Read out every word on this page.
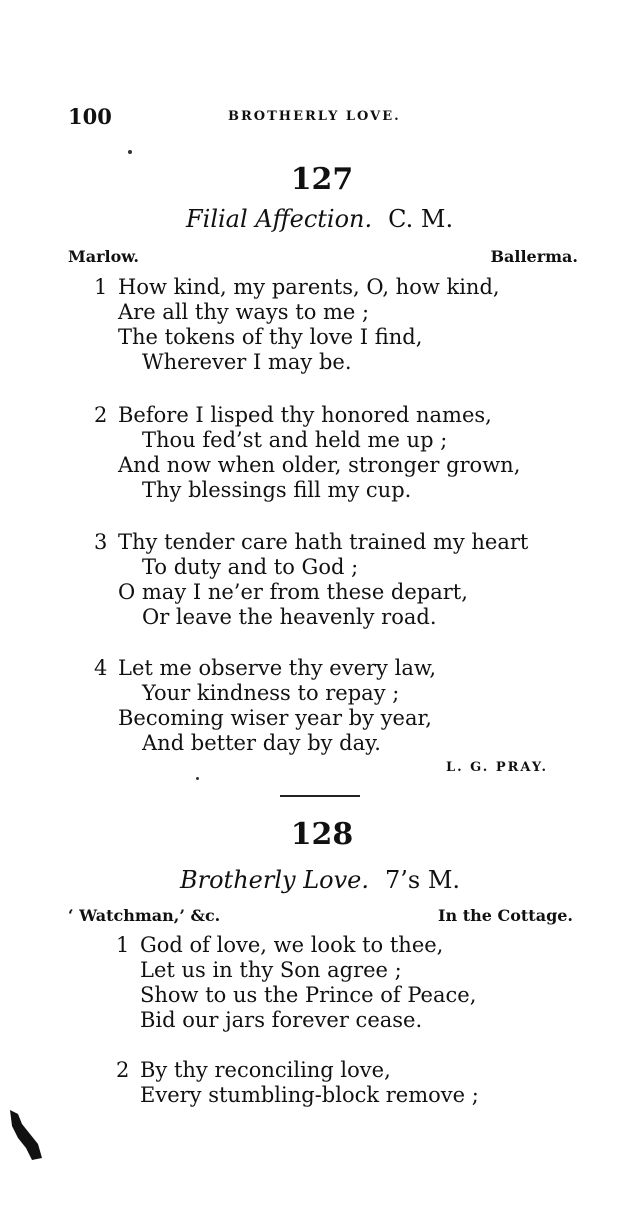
100	BROTHERLY LOVE.
127
Filial Affection. C. M.
Marlow.	Ballerma.
1 How kind, my parents, O, how kind,
Are all thy ways to me ;
The tokens of thy love I find,
Wherever I may be.
2 Before I lisped thy honored names,
Thou fed’st and held me up ;
And now when older, stronger grown,
Thy blessings fill my cup.
3 Thy tender care hath trained my heart
To duty and to God ;
O may I ne’er from these depart,
Or leave the heavenly road.
4 Let me observe thy every law,
Your kindness to repay ;
Becoming wiser year by year,
And better day by day.
L. G. PRAY.
128
Brotherly Love. 7’s M.
‘ Watchman,’ &c.	In the Cottage.
1 God of love, we look to thee,
Let us in thy Son agree ;
Show to us the Prince of Peace,
Bid our jars forever cease.
2 By thy reconciling love,
Every stumbling-block remove ;
